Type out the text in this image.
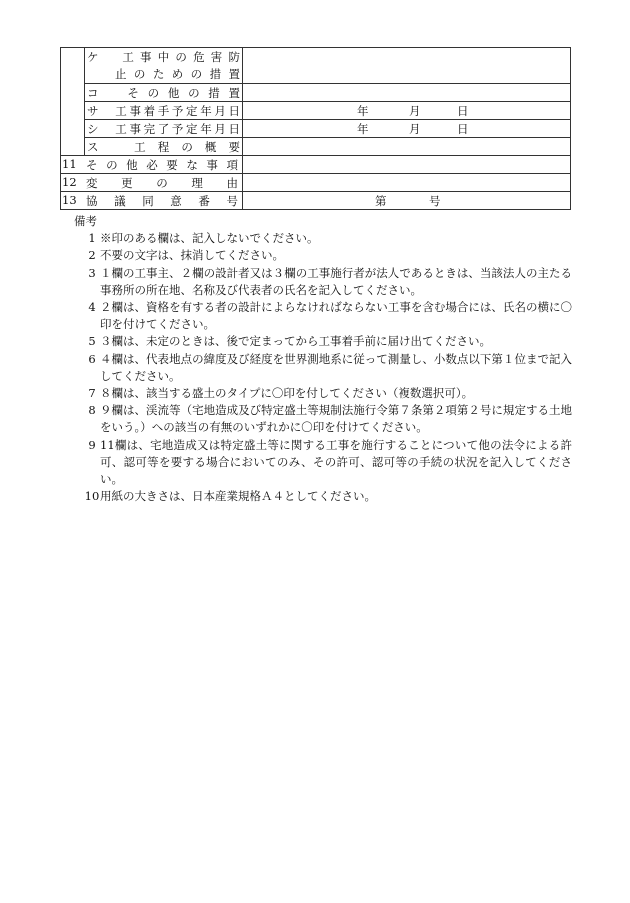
	ケ　工事中の危害防
止のための措置	

	コ　その他の措置	

	サ　工事着手予定年月日	年 月 日

	シ　工事完了予定年月日	年 月 日

	ス　工程の概要	

11 その他必要な事項		

12 変更の理由		

13 協議同意番号		第 号
備考
1 ※印のある欄は、記入しないでください。
2 不要の文字は、抹消してください。
3 １欄の工事主、２欄の設計者又は３欄の工事施行者が法人であるときは、当該法人の主たる事務所の所在地、名称及び代表者の氏名を記入してください。
4 ２欄は、資格を有する者の設計によらなければならない工事を含む場合には、氏名の横に〇印を付けてください。
5 ３欄は、未定のときは、後で定まってから工事着手前に届け出てください。
6 ４欄は、代表地点の緯度及び経度を世界測地系に従って測量し、小数点以下第１位まで記入してください。
7 ８欄は、該当する盛土のタイプに〇印を付してください（複数選択可）。
8 ９欄は、渓流等（宅地造成及び特定盛土等規制法施行令第７条第２項第２号に規定する土地をいう。）への該当の有無のいずれかに〇印を付けてください。
9 11欄は、宅地造成又は特定盛土等に関する工事を施行することについて他の法令による許可、認可等を要する場合においてのみ、その許可、認可等の手続の状況を記入してください。
10 用紙の大きさは、日本産業規格Ａ４としてください。
